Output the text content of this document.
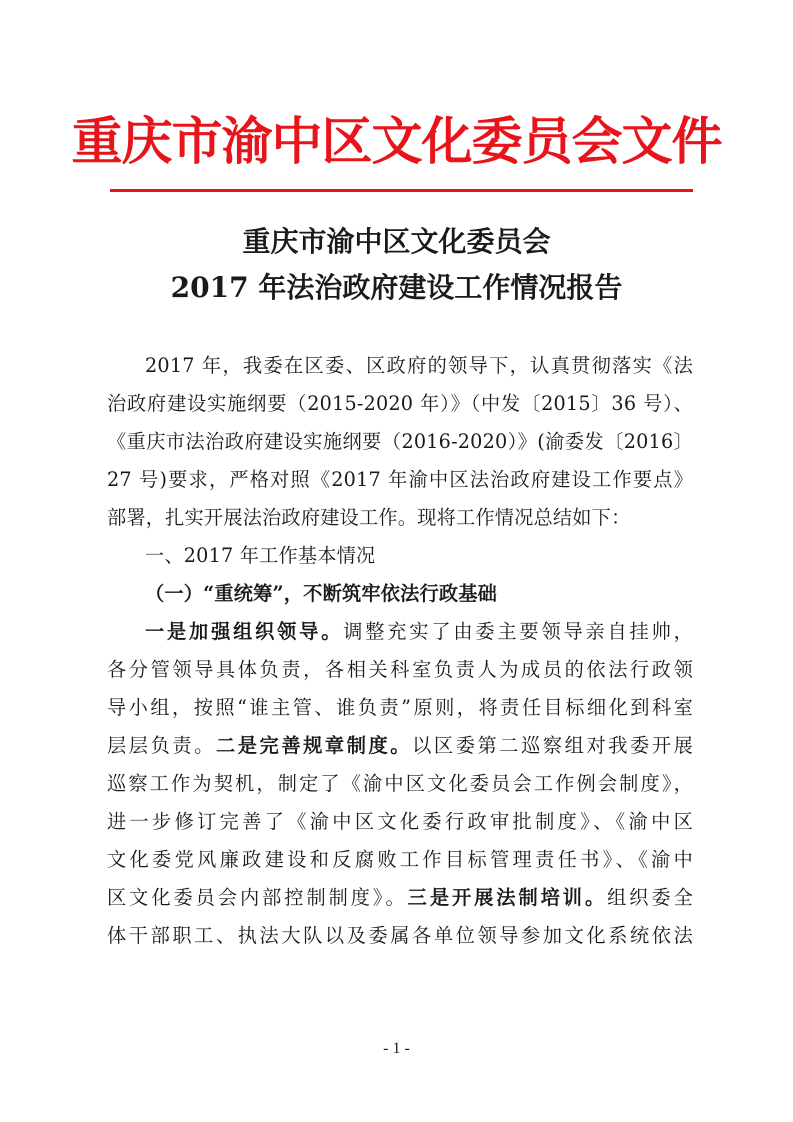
重庆市渝中区文化委员会文件
重庆市渝中区文化委员会
2017 年法治政府建设工作情况报告
2017 年，我委在区委、区政府的领导下，认真贯彻落实《法
治政府建设实施纲要（2015-2020 年）》（中发〔2015〕36 号）、
《重庆市法治政府建设实施纲要（2016-2020）》(渝委发〔2016〕
27 号)要求，严格对照《2017 年渝中区法治政府建设工作要点》
部署，扎实开展法治政府建设工作。现将工作情况总结如下：
一、2017 年工作基本情况
（一）“重统筹”，不断筑牢依法行政基础
一是加强组织领导。调整充实了由委主要领导亲自挂帅，
各分管领导具体负责，各相关科室负责人为成员的依法行政领
导小组，按照“谁主管、谁负责”原则，将责任目标细化到科室
层层负责。二是完善规章制度。以区委第二巡察组对我委开展
巡察工作为契机，制定了《渝中区文化委员会工作例会制度》，
进一步修订完善了《渝中区文化委行政审批制度》、《渝中区
文化委党风廉政建设和反腐败工作目标管理责任书》、《渝中
区文化委员会内部控制制度》。三是开展法制培训。组织委全
体干部职工、执法大队以及委属各单位领导参加文化系统依法
- 1 -
